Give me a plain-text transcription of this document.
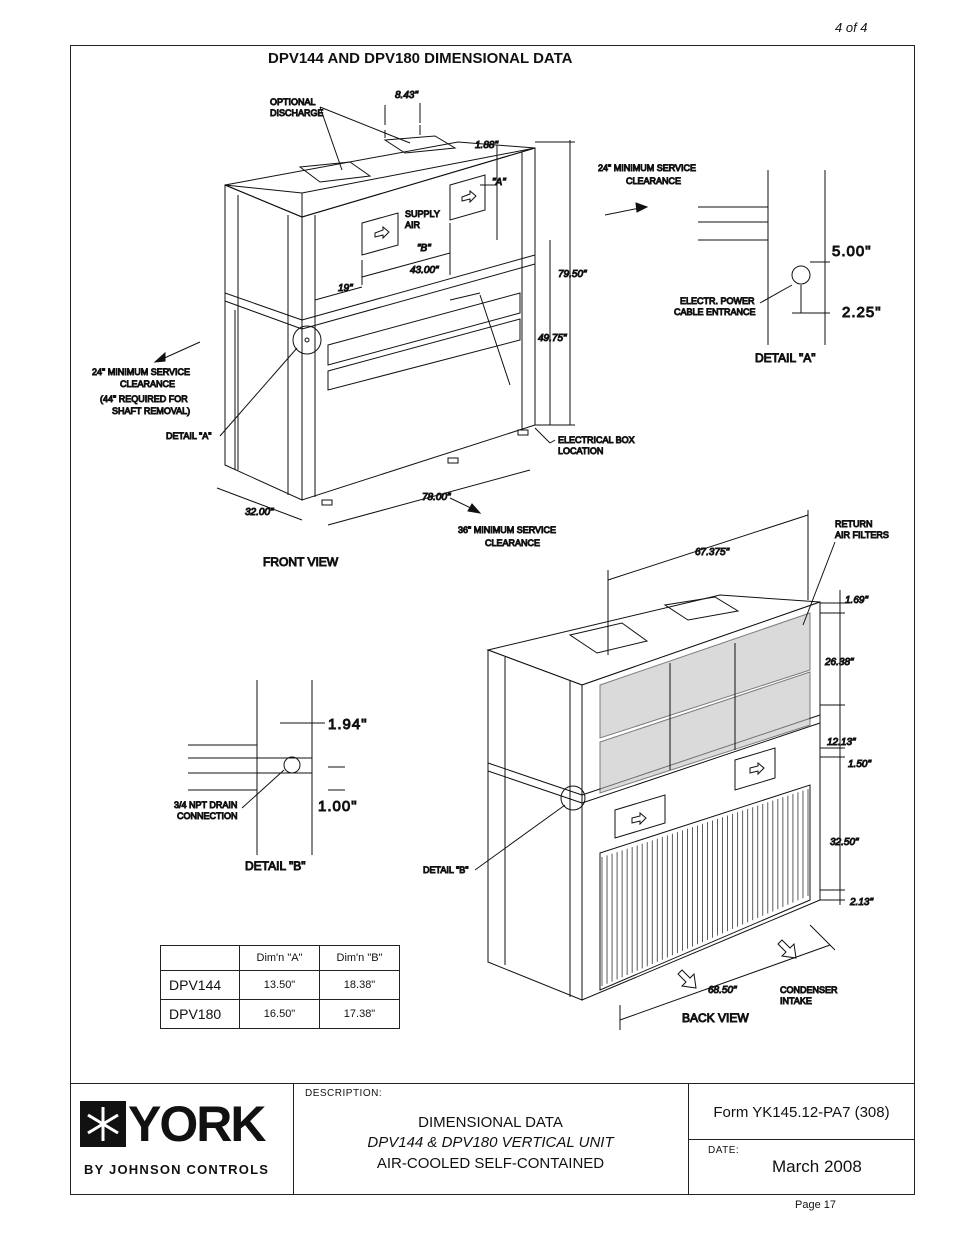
4 of 4
DPV144 AND DPV180 DIMENSIONAL DATA
OPTIONAL
DISCHARGE
SUPPLY
AIR
8.43"
1.88"
"A"
"B"
19"
43.00"	79.50"
49.75"
78.00"
32.00"
24" MINIMUM SERVICE
CLEARANCE
(44" REQUIRED FOR
SHAFT REMOVAL)
DETAIL "A"	ELECTRICAL BOX
LOCATION
36" MINIMUM SERVICE
CLEARANCE
24" MINIMUM SERVICE
CLEARANCE
FRONT VIEW
5.00"
2.25"
ELECTR. POWER
CABLE ENTRANCE
DETAIL "A"
1.94"
1.00"
3/4 NPT DRAIN
CONNECTION
DETAIL "B"
RETURN
AIR FILTERS
67.375"
1.69"
26.38"
12.13"
1.50"
32.50"
2.13"
68.50"
DETAIL "B"
CONDENSER
INTAKE
BACK VIEW
	Dim'n "A"	Dim'n "B"
DPV144	13.50"	18.38"
DPV180	16.50"	17.38"
YORK
BY JOHNSON CONTROLS
DESCRIPTION:
DIMENSIONAL DATA
DPV144 & DPV180 VERTICAL UNIT
AIR-COOLED SELF-CONTAINED
Form YK145.12-PA7 (308)
DATE:
March 2008
Page 17
